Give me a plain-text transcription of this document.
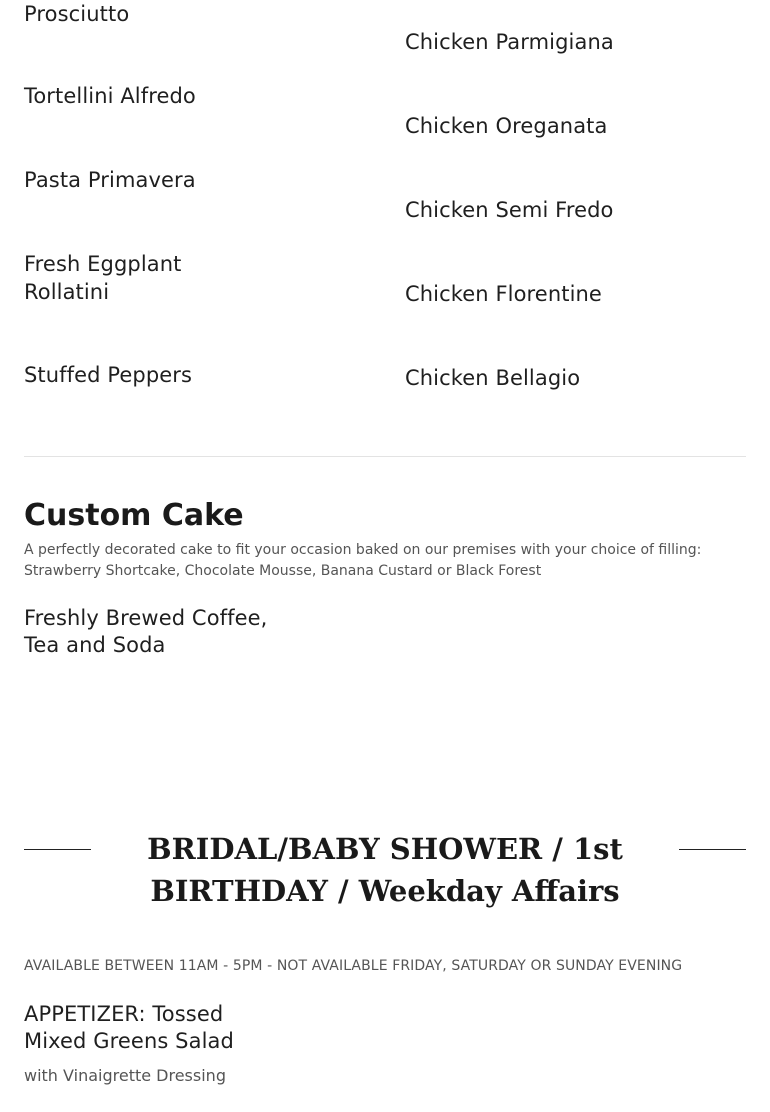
Prosciutto

Tortellini Alfredo

Pasta Primavera

Fresh Eggplant Rollatini

Stuffed Peppers

Chicken Parmigiana

Chicken Oreganata

Chicken Semi Fredo

Chicken Florentine

Chicken Bellagio

Custom Cake

A perfectly decorated cake to fit your occasion baked on our premises with your choice of filling: Strawberry Shortcake, Chocolate Mousse, Banana Custard or Black Forest

Freshly Brewed Coffee, Tea and Soda

BRIDAL/BABY SHOWER / 1st BIRTHDAY / Weekday Affairs

AVAILABLE BETWEEN 11AM - 5PM - NOT AVAILABLE FRIDAY, SATURDAY OR SUNDAY EVENING

APPETIZER: Tossed Mixed Greens Salad

with Vinaigrette Dressing
